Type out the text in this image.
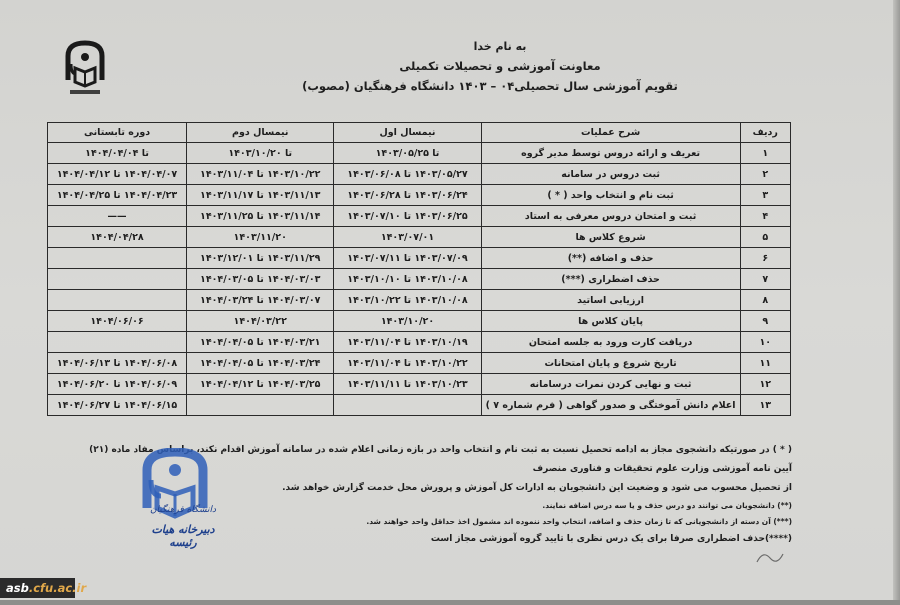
به نام خدا
معاونت آموزشی و تحصیلات تکمیلی
تقویم آموزشی سال تحصیلی۰۴ – ۱۴۰۳ دانشگاه فرهنگیان (مصوب)
ردیف	شرح عملیات	نیمسال اول	نیمسال دوم	دوره تابستانی
۱	تعریف و ارائه دروس توسط مدیر گروه	تا ۱۴۰۳/۰۵/۲۵	تا ۱۴۰۳/۱۰/۲۰	تا ۱۴۰۴/۰۴/۰۴
۲	ثبت دروس در سامانه	۱۴۰۳/۰۵/۲۷ تا ۱۴۰۳/۰۶/۰۸	۱۴۰۳/۱۰/۲۲ تا ۱۴۰۳/۱۱/۰۴	۱۴۰۴/۰۴/۰۷ تا ۱۴۰۴/۰۴/۱۲
۳	ثبت نام و انتخاب واحد ( * )	۱۴۰۳/۰۶/۲۴ تا ۱۴۰۳/۰۶/۲۸	۱۴۰۳/۱۱/۱۳ تا ۱۴۰۳/۱۱/۱۷	۱۴۰۴/۰۴/۲۳ تا ۱۴۰۴/۰۴/۲۵
۴	ثبت و امتحان دروس معرفی به استاد	۱۴۰۳/۰۶/۲۵ تا ۱۴۰۳/۰۷/۱۰	۱۴۰۳/۱۱/۱۴ تا ۱۴۰۳/۱۱/۲۵	——
۵	شروع کلاس ها	۱۴۰۳/۰۷/۰۱	۱۴۰۳/۱۱/۲۰	۱۴۰۴/۰۴/۲۸
۶	حذف و اضافه (**)	۱۴۰۳/۰۷/۰۹ تا ۱۴۰۳/۰۷/۱۱	۱۴۰۳/۱۱/۲۹ تا ۱۴۰۳/۱۲/۰۱	
۷	حذف اضطراری (***)	۱۴۰۳/۱۰/۰۸ تا ۱۴۰۳/۱۰/۱۰	۱۴۰۴/۰۳/۰۳ تا ۱۴۰۴/۰۳/۰۵	
۸	ارزیابی اساتید	۱۴۰۳/۱۰/۰۸ تا ۱۴۰۳/۱۰/۲۲	۱۴۰۴/۰۳/۰۷ تا ۱۴۰۴/۰۳/۲۴	
۹	پایان کلاس ها	۱۴۰۳/۱۰/۲۰	۱۴۰۴/۰۳/۲۲	۱۴۰۴/۰۶/۰۶
۱۰	دریافت کارت ورود به جلسه امتحان	۱۴۰۳/۱۰/۱۹ تا ۱۴۰۳/۱۱/۰۴	۱۴۰۴/۰۳/۲۱ تا ۱۴۰۴/۰۴/۰۵	
۱۱	تاریخ شروع و پایان امتحانات	۱۴۰۳/۱۰/۲۲ تا ۱۴۰۳/۱۱/۰۴	۱۴۰۴/۰۳/۲۴ تا ۱۴۰۴/۰۴/۰۵	۱۴۰۴/۰۶/۰۸ تا ۱۴۰۴/۰۶/۱۳
۱۲	ثبت و نهایی کردن نمرات درسامانه	۱۴۰۳/۱۰/۲۳ تا ۱۴۰۳/۱۱/۱۱	۱۴۰۴/۰۳/۲۵ تا ۱۴۰۴/۰۴/۱۲	۱۴۰۴/۰۶/۰۹ تا ۱۴۰۴/۰۶/۲۰
۱۳	اعلام دانش آموختگی و صدور گواهی ( فرم شماره ۷ )			۱۴۰۴/۰۶/۱۵ تا ۱۴۰۴/۰۶/۲۷
( * ) در صورتیکه دانشجوی مجاز به ادامه تحصیل نسبت به ثبت نام و انتخاب واحد در بازه زمانی اعلام شده در سامانه آموزش اقدام نکند، براساس مفاد ماده (۲۱) آیین نامه آموزشی وزارت علوم تحقیقات و فناوری منصرف
از تحصیل محسوب می شود و وضعیت این دانشجویان به ادارات کل آموزش و پرورش محل خدمت گزارش خواهد شد.
(**) دانشجویان می توانند دو درس حذف و یا سه درس اضافه نمایند.
(***) آن دسته از دانشجویانی که تا زمان حذف و اضافه، انتخاب واحد ننموده اند مشمول اخذ حداقل واحد خواهند شد.
(****)حذف اضطراری صرفا برای یک درس نظری با تایید گروه آموزشی مجاز است
دانشگاه فرهنگیان
دبیرخانه هیات رئیسه
asb.cfu.ac.ir
